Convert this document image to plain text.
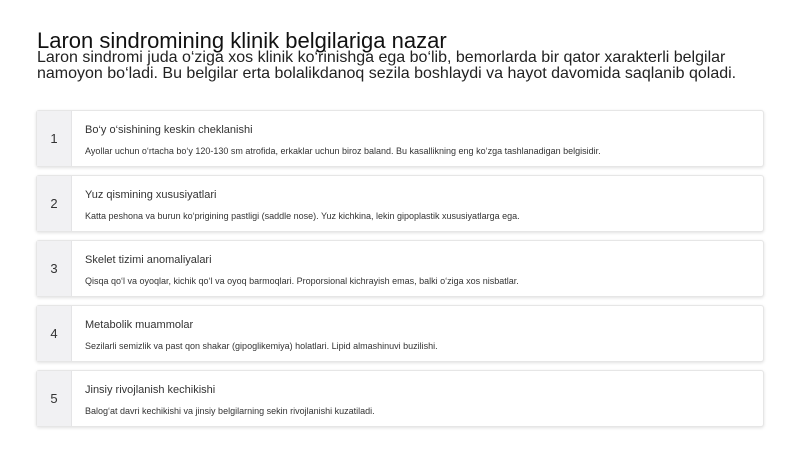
Laron sindromining klinik belgilariga nazar
Laron sindromi juda o‘ziga xos klinik ko‘rinishga ega bo‘lib, bemorlarda bir qator xarakterli belgilar namoyon bo‘ladi. Bu belgilar erta bolalikdanoq sezila boshlaydi va hayot davomida saqlanib qoladi.
1
Bo‘y o‘sishining keskin cheklanishi
Ayollar uchun o‘rtacha bo‘y 120-130 sm atrofida, erkaklar uchun biroz baland. Bu kasallikning eng ko‘zga tashlanadigan belgisidir.
2
Yuz qismining xususiyatlari
Katta peshona va burun ko‘prigining pastligi (saddle nose). Yuz kichkina, lekin gipoplastik xususiyatlarga ega.
3
Skelet tizimi anomaliyalari
Qisqa qo‘l va oyoqlar, kichik qo‘l va oyoq barmoqlari. Proporsional kichrayish emas, balki o‘ziga xos nisbatlar.
4
Metabolik muammolar
Sezilarli semizlik va past qon shakar (gipoglikemiya) holatlari. Lipid almashinuvi buzilishi.
5
Jinsiy rivojlanish kechikishi
Balog‘at davri kechikishi va jinsiy belgilarning sekin rivojlanishi kuzatiladi.
